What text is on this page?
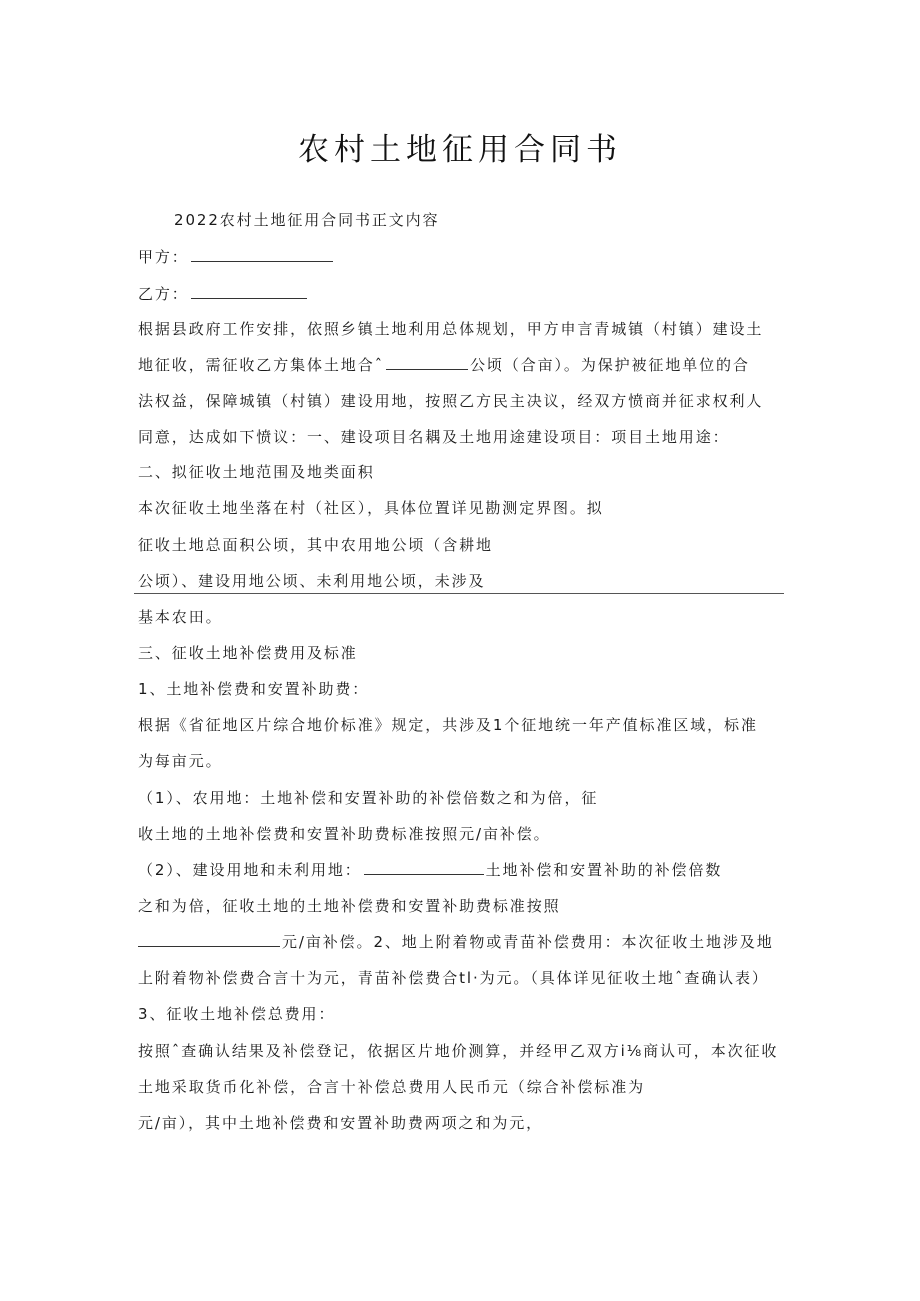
农村土地征用合同书
2022农村土地征用合同书正文内容
甲方：
乙方：
根据县政府工作安排，依照乡镇土地利用总体规划，甲方申言青城镇（村镇）建设土
地征收，需征收乙方集体土地合ˆ	公顷（合亩）。为保护被征地单位的合
法权益，保障城镇（村镇）建设用地，按照乙方民主决议，经双方愤商并征求权利人
同意，达成如下愤议：一、建设项目名耦及土地用途建设项目：项目土地用途：
二、拟征收土地范围及地类面积
本次征收土地坐落在村（社区），具体位置详见勘测定界图。拟
征收土地总面积公顷，其中农用地公顷（含耕地
公顷）、建设用地公顷、未利用地公顷，未涉及
基本农田。
三、征收土地补偿费用及标准
1、土地补偿费和安置补助费：
根据《省征地区片综合地价标准》规定，共涉及1个征地统一年产值标准区域，标准
为每亩元。
（1）、农用地：土地补偿和安置补助的补偿倍数之和为倍，征
收土地的土地补偿费和安置补助费标准按照元/亩补偿。
（2）、建设用地和未利用地：	土地补偿和安置补助的补偿倍数
之和为倍，征收土地的土地补偿费和安置补助费标准按照
元/亩补偿。2、地上附着物或青苗补偿费用：本次征收土地涉及地
上附着物补偿费合言十为元，青苗补偿费合tl·为元。（具体详见征收土地ˆ查确认表）
3、征收土地补偿总费用：
按照ˆ查确认结果及补偿登记，依据区片地价测算，并经甲乙双方i⅛商认可，本次征收
土地采取货币化补偿，合言十补偿总费用人民币元（综合补偿标准为
元/亩），其中土地补偿费和安置补助费两项之和为元，
